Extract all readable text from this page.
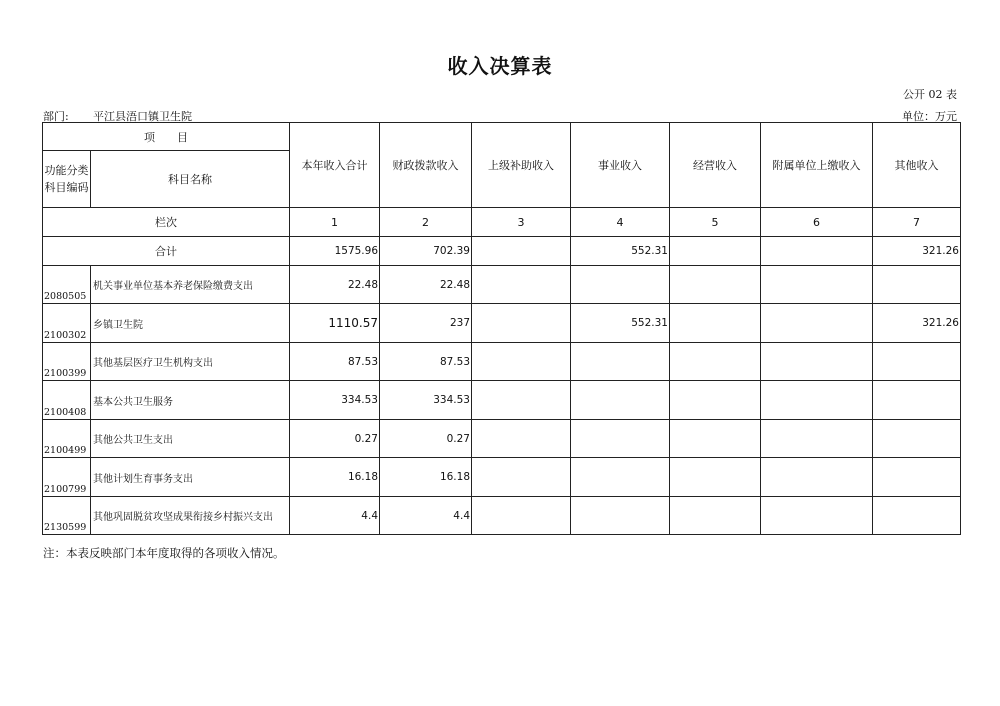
收入决算表
公开 02 表
部门: 平江县浯口镇卫生院	单位：万元
项　　目		本年收入合计	财政拨款收入	上级补助收入	事业收入	经营收入	附属单位上缴收入	其他收入
功能分类科目编码	科目名称							
栏次		1	2	3	4	5	6	7
合计		1575.96	702.39		552.31			321.26
2080505	机关事业单位基本养老保险缴费支出	22.48	22.48					
2100302	乡镇卫生院	1110.57	237		552.31			321.26
2100399	其他基层医疗卫生机构支出	87.53	87.53					
2100408	基本公共卫生服务	334.53	334.53					
2100499	其他公共卫生支出	0.27	0.27					
2100799	其他计划生育事务支出	16.18	16.18					
2130599	其他巩固脱贫攻坚成果衔接乡村振兴支出	4.4	4.4					
注：本表反映部门本年度取得的各项收入情况。
